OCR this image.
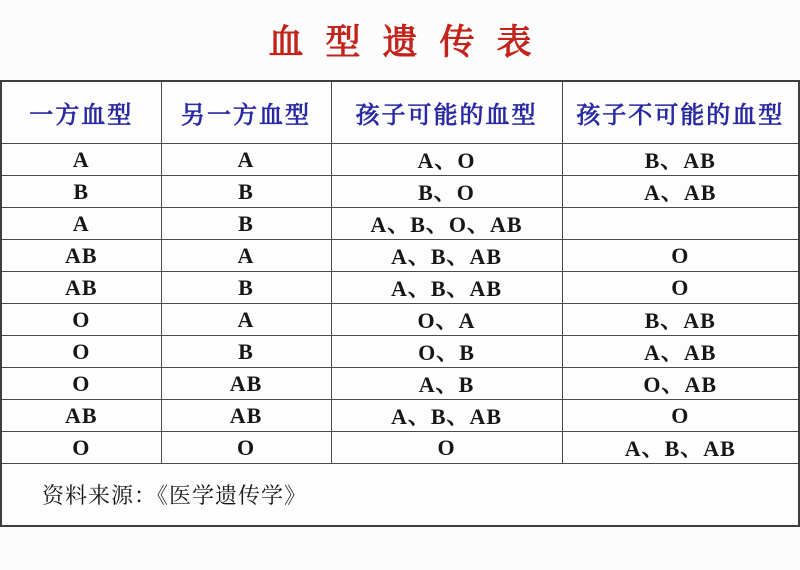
血型遗传表
一方血型	另一方血型	孩子可能的血型	孩子不可能的血型
A	A	A、O	B、AB
B	B	B、O	A、AB
A	B	A、B、O、AB	
AB	A	A、B、AB	O
AB	B	A、B、AB	O
O	A	O、A	B、AB
O	B	O、B	A、AB
O	AB	A、B	O、AB
AB	AB	A、B、AB	O
O	O	O	A、B、AB
资料来源：《医学遗传学》			
